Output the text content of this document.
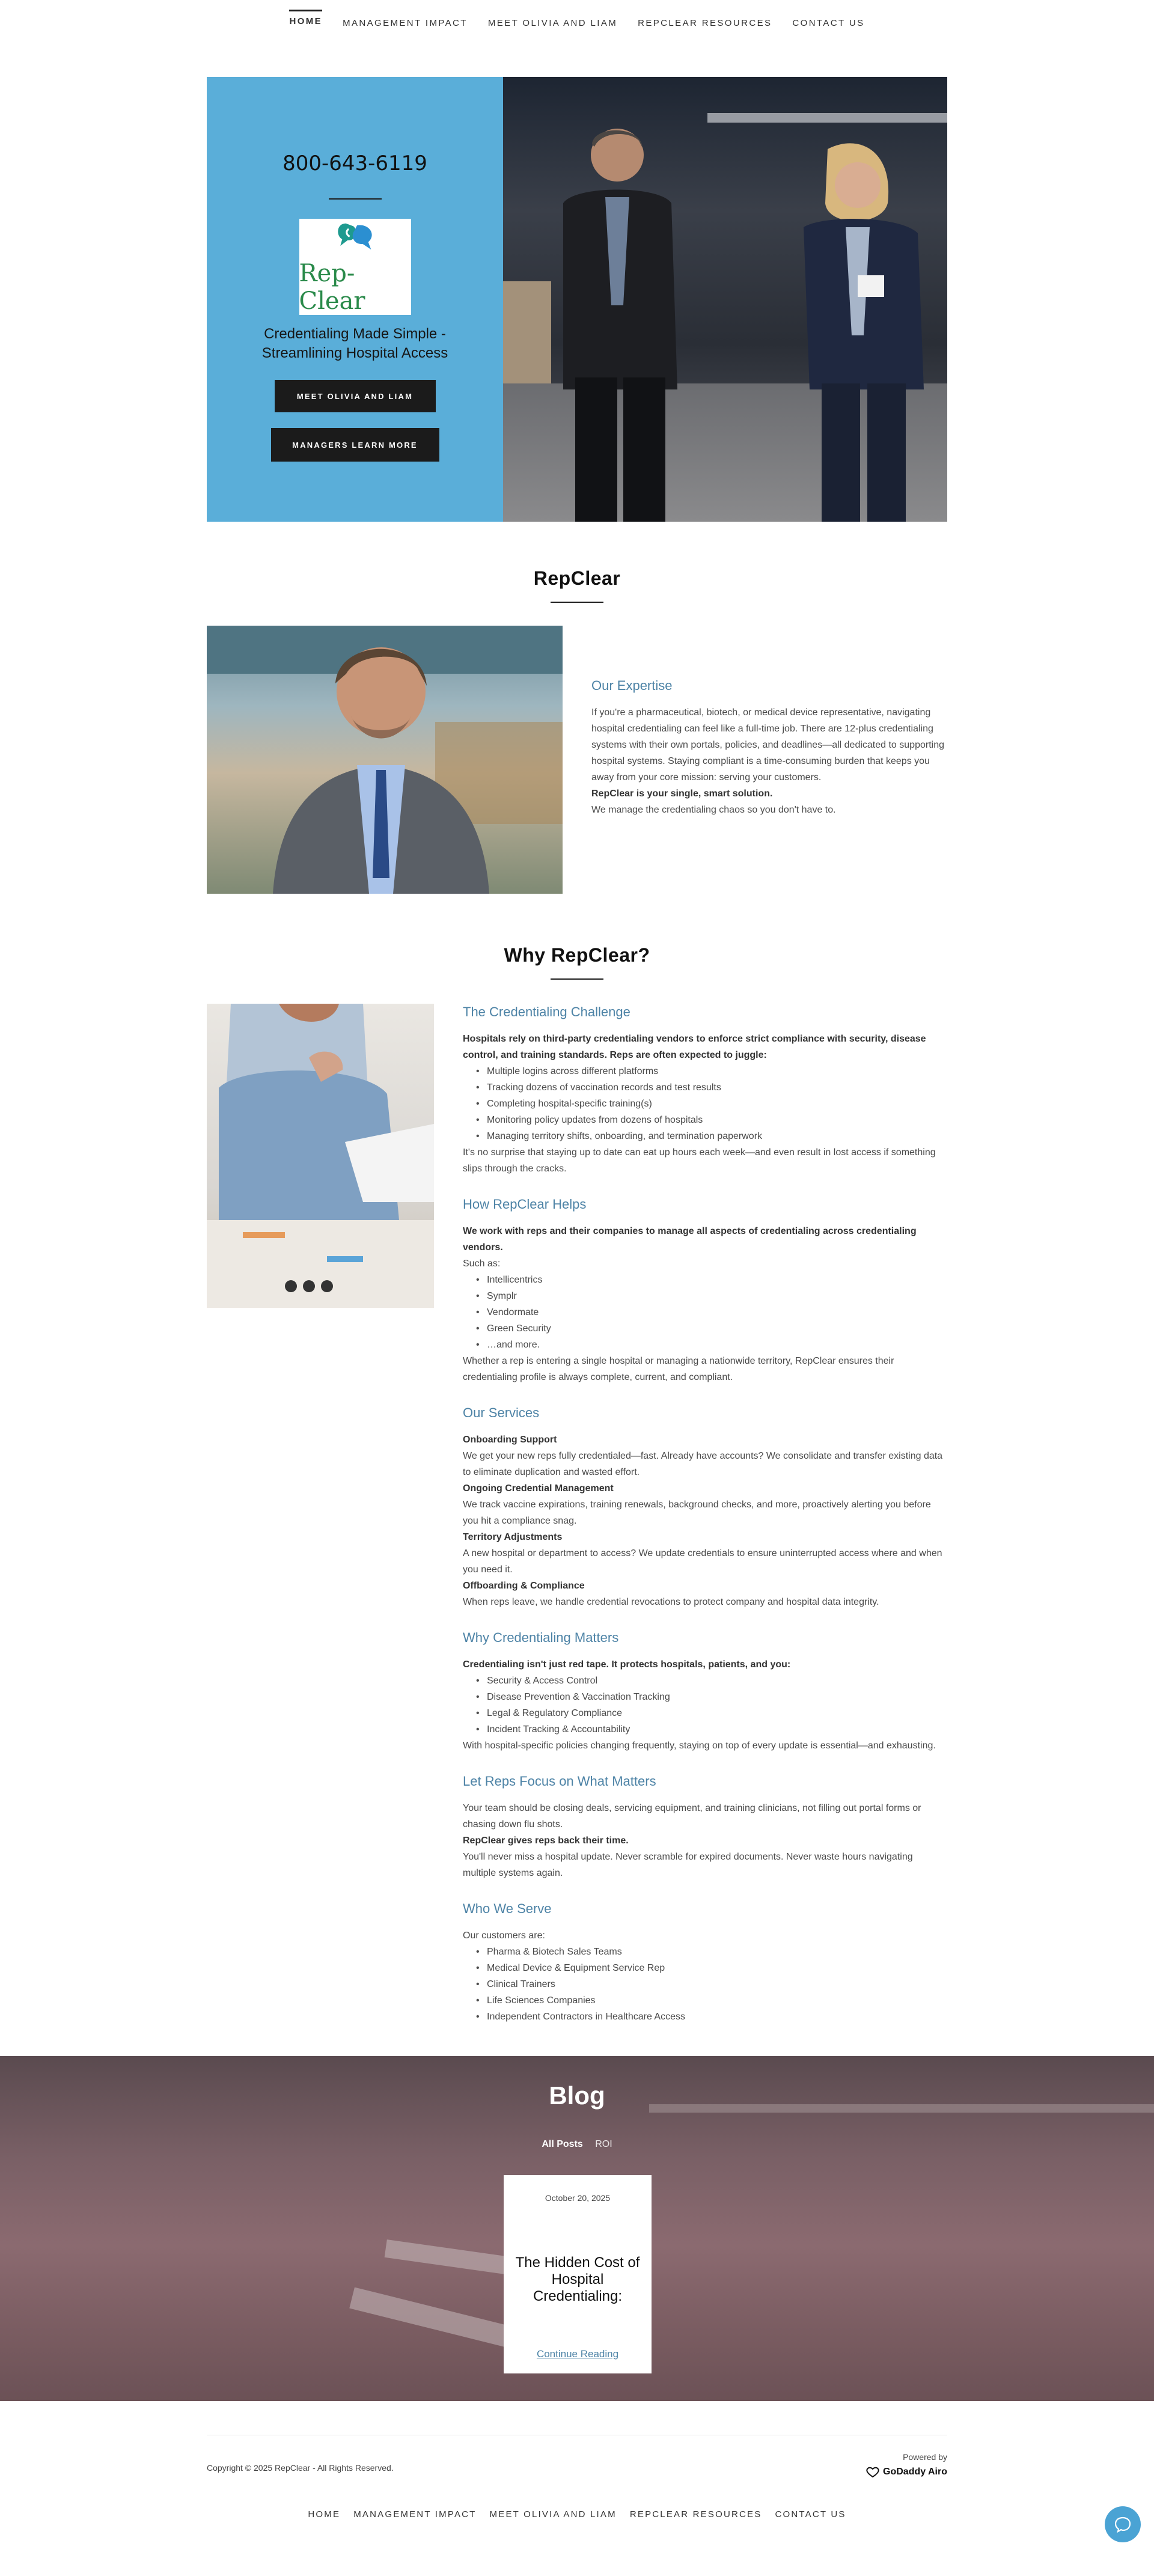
HOME MANAGEMENT IMPACT MEET OLIVIA AND LIAM REPCLEAR RESOURCES CONTACT US
800-643-6119
Rep-Clear
Credentialing Made Simple - Streamlining Hospital Access
MEET OLIVIA AND LIAM
MANAGERS LEARN MORE
RepClear
Our Expertise

If you're a pharmaceutical, biotech, or medical device representative, navigating hospital credentialing can feel like a full-time job. There are 12-plus credentialing systems with their own portals, policies, and deadlines—all dedicated to supporting hospital systems. Staying compliant is a time-consuming burden that keeps you away from your core mission: serving your customers.

RepClear is your single, smart solution.

We manage the credentialing chaos so you don't have to.

Why RepClear?
The Credentialing Challenge

Hospitals rely on third-party credentialing vendors to enforce strict compliance with security, disease control, and training standards. Reps are often expected to juggle:

• Multiple logins across different platforms
• Tracking dozens of vaccination records and test results
• Completing hospital-specific training(s)
• Monitoring policy updates from dozens of hospitals
• Managing territory shifts, onboarding, and termination paperwork

It's no surprise that staying up to date can eat up hours each week—and even result in lost access if something slips through the cracks.

How RepClear Helps

We work with reps and their companies to manage all aspects of credentialing across credentialing vendors.

Such as:

• Intellicentrics
• Symplr
• Vendormate
• Green Security
• …and more.

Whether a rep is entering a single hospital or managing a nationwide territory, RepClear ensures their credentialing profile is always complete, current, and compliant.

Our Services

Onboarding Support

We get your new reps fully credentialed—fast. Already have accounts? We consolidate and transfer existing data to eliminate duplication and wasted effort.

Ongoing Credential Management

We track vaccine expirations, training renewals, background checks, and more, proactively alerting you before you hit a compliance snag.

Territory Adjustments

A new hospital or department to access? We update credentials to ensure uninterrupted access where and when you need it.

Offboarding & Compliance

When reps leave, we handle credential revocations to protect company and hospital data integrity.

Why Credentialing Matters

Credentialing isn't just red tape. It protects hospitals, patients, and you:

• Security & Access Control
• Disease Prevention & Vaccination Tracking
• Legal & Regulatory Compliance
• Incident Tracking & Accountability

With hospital-specific policies changing frequently, staying on top of every update is essential—and exhausting.

Let Reps Focus on What Matters

Your team should be closing deals, servicing equipment, and training clinicians, not filling out portal forms or chasing down flu shots.

RepClear gives reps back their time.

You'll never miss a hospital update. Never scramble for expired documents. Never waste hours navigating multiple systems again.

Who We Serve

Our customers are:

• Pharma & Biotech Sales Teams
• Medical Device & Equipment Service Rep
• Clinical Trainers
• Life Sciences Companies
• Independent Contractors in Healthcare Access
Blog
All Posts ROI
October 20, 2025
The Hidden Cost of Hospital Credentialing:
Continue Reading
Copyright © 2025 RepClear - All Rights Reserved.
Powered by
GoDaddy Airo
HOME MANAGEMENT IMPACT MEET OLIVIA AND LIAM REPCLEAR RESOURCES CONTACT US
